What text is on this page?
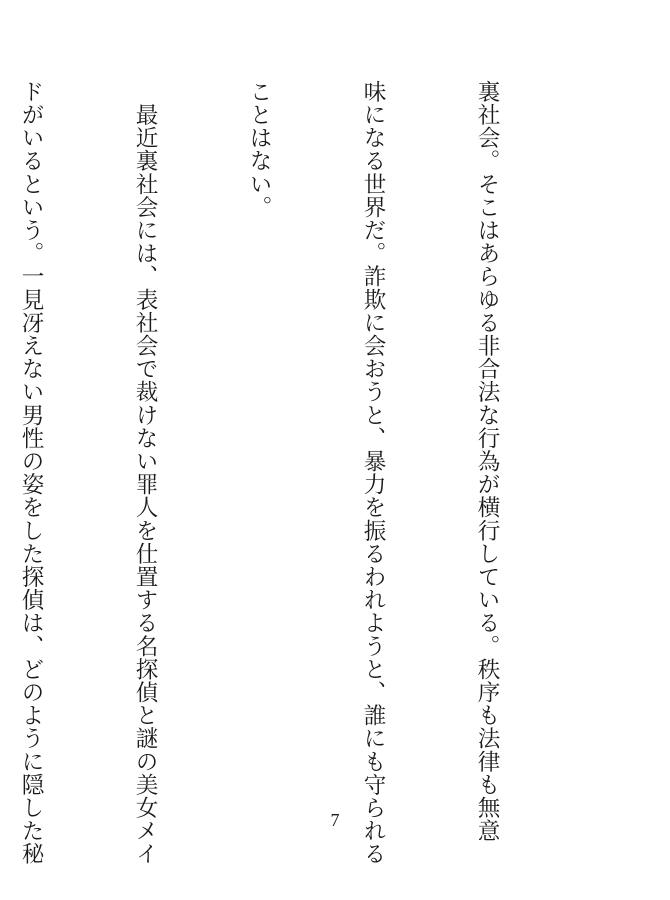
裏社会。そこはあらゆる非合法な行為が横行している。秩序も法律も無意

味になる世界だ。詐欺に会おうと、暴力を振るわれようと、誰にも守られる

ことはない。

　最近裏社会には、表社会で裁けない罪人を仕置する名探偵と謎の美女メイ

ドがいるという。一見冴えない男性の姿をした探偵は、どのように隠した秘

	7
